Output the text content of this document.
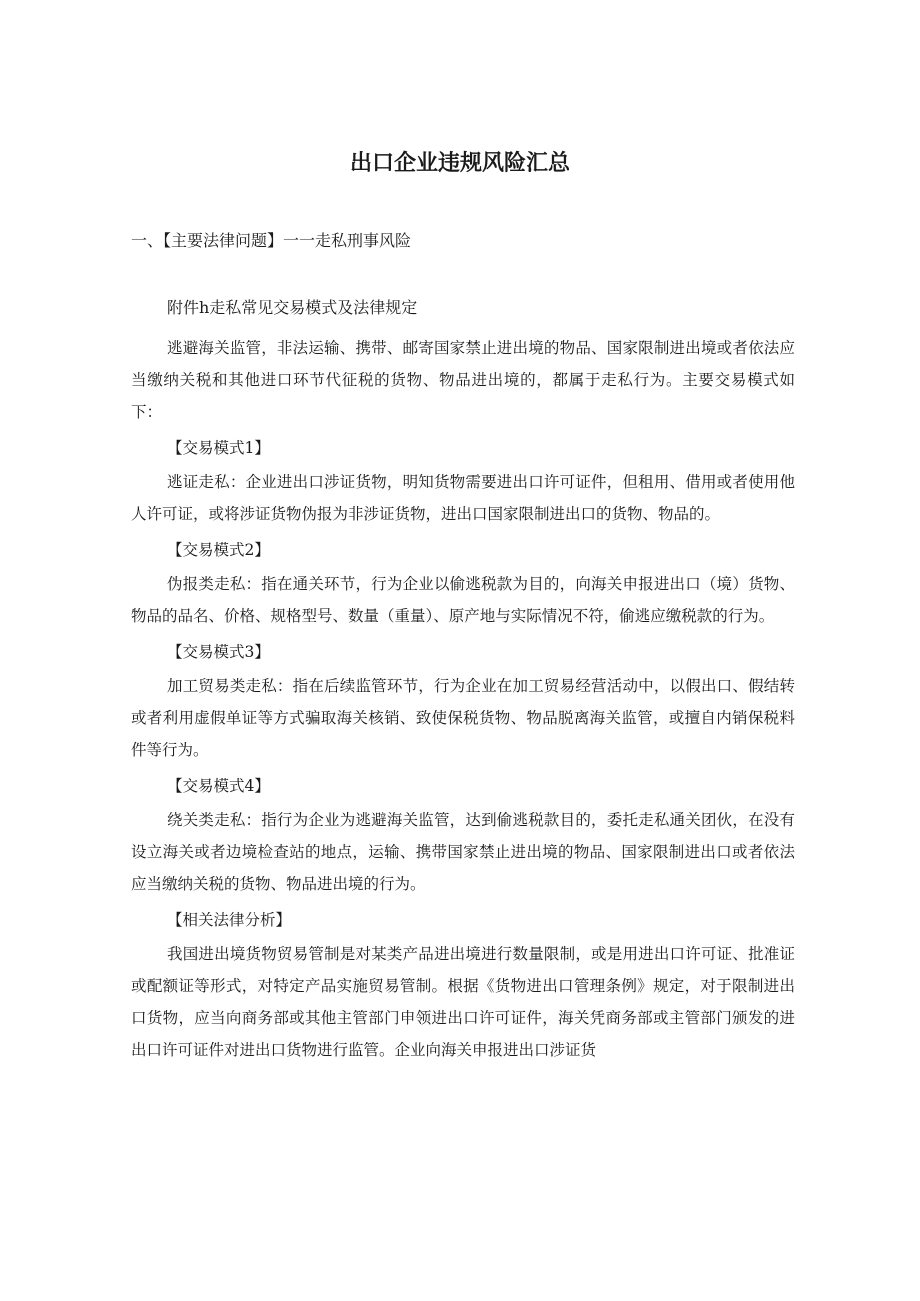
出口企业违规风险汇总
一、【主要法律问题】一一走私刑事风险
附件h走私常见交易模式及法律规定

逃避海关监管，非法运输、携带、邮寄国家禁止进出境的物品、国家限制进出境或者依法应当缴纳关税和其他进口环节代征税的货物、物品进出境的，都属于走私行为。主要交易模式如下：

【交易模式1】

逃证走私：企业进出口涉证货物，明知货物需要进出口许可证件，但租用、借用或者使用他人许可证，或将涉证货物伪报为非涉证货物，进出口国家限制进出口的货物、物品的。

【交易模式2】

伪报类走私：指在通关环节，行为企业以偷逃税款为目的，向海关申报进出口（境）货物、物品的品名、价格、规格型号、数量（重量）、原产地与实际情况不符，偷逃应缴税款的行为。

【交易模式3】

加工贸易类走私：指在后续监管环节，行为企业在加工贸易经营活动中，以假出口、假结转或者利用虚假单证等方式骗取海关核销、致使保税货物、物品脱离海关监管，或擅自内销保税料件等行为。

【交易模式4】

绕关类走私：指行为企业为逃避海关监管，达到偷逃税款目的，委托走私通关团伙，在没有设立海关或者边境检查站的地点，运输、携带国家禁止进出境的物品、国家限制进出口或者依法应当缴纳关税的货物、物品进出境的行为。

【相关法律分析】

我国进出境货物贸易管制是对某类产品进出境进行数量限制，或是用进出口许可证、批准证或配额证等形式，对特定产品实施贸易管制。根据《货物进出口管理条例》规定，对于限制进出口货物，应当向商务部或其他主管部门申领进出口许可证件，海关凭商务部或主管部门颁发的进出口许可证件对进出口货物进行监管。企业向海关申报进出口涉证货
